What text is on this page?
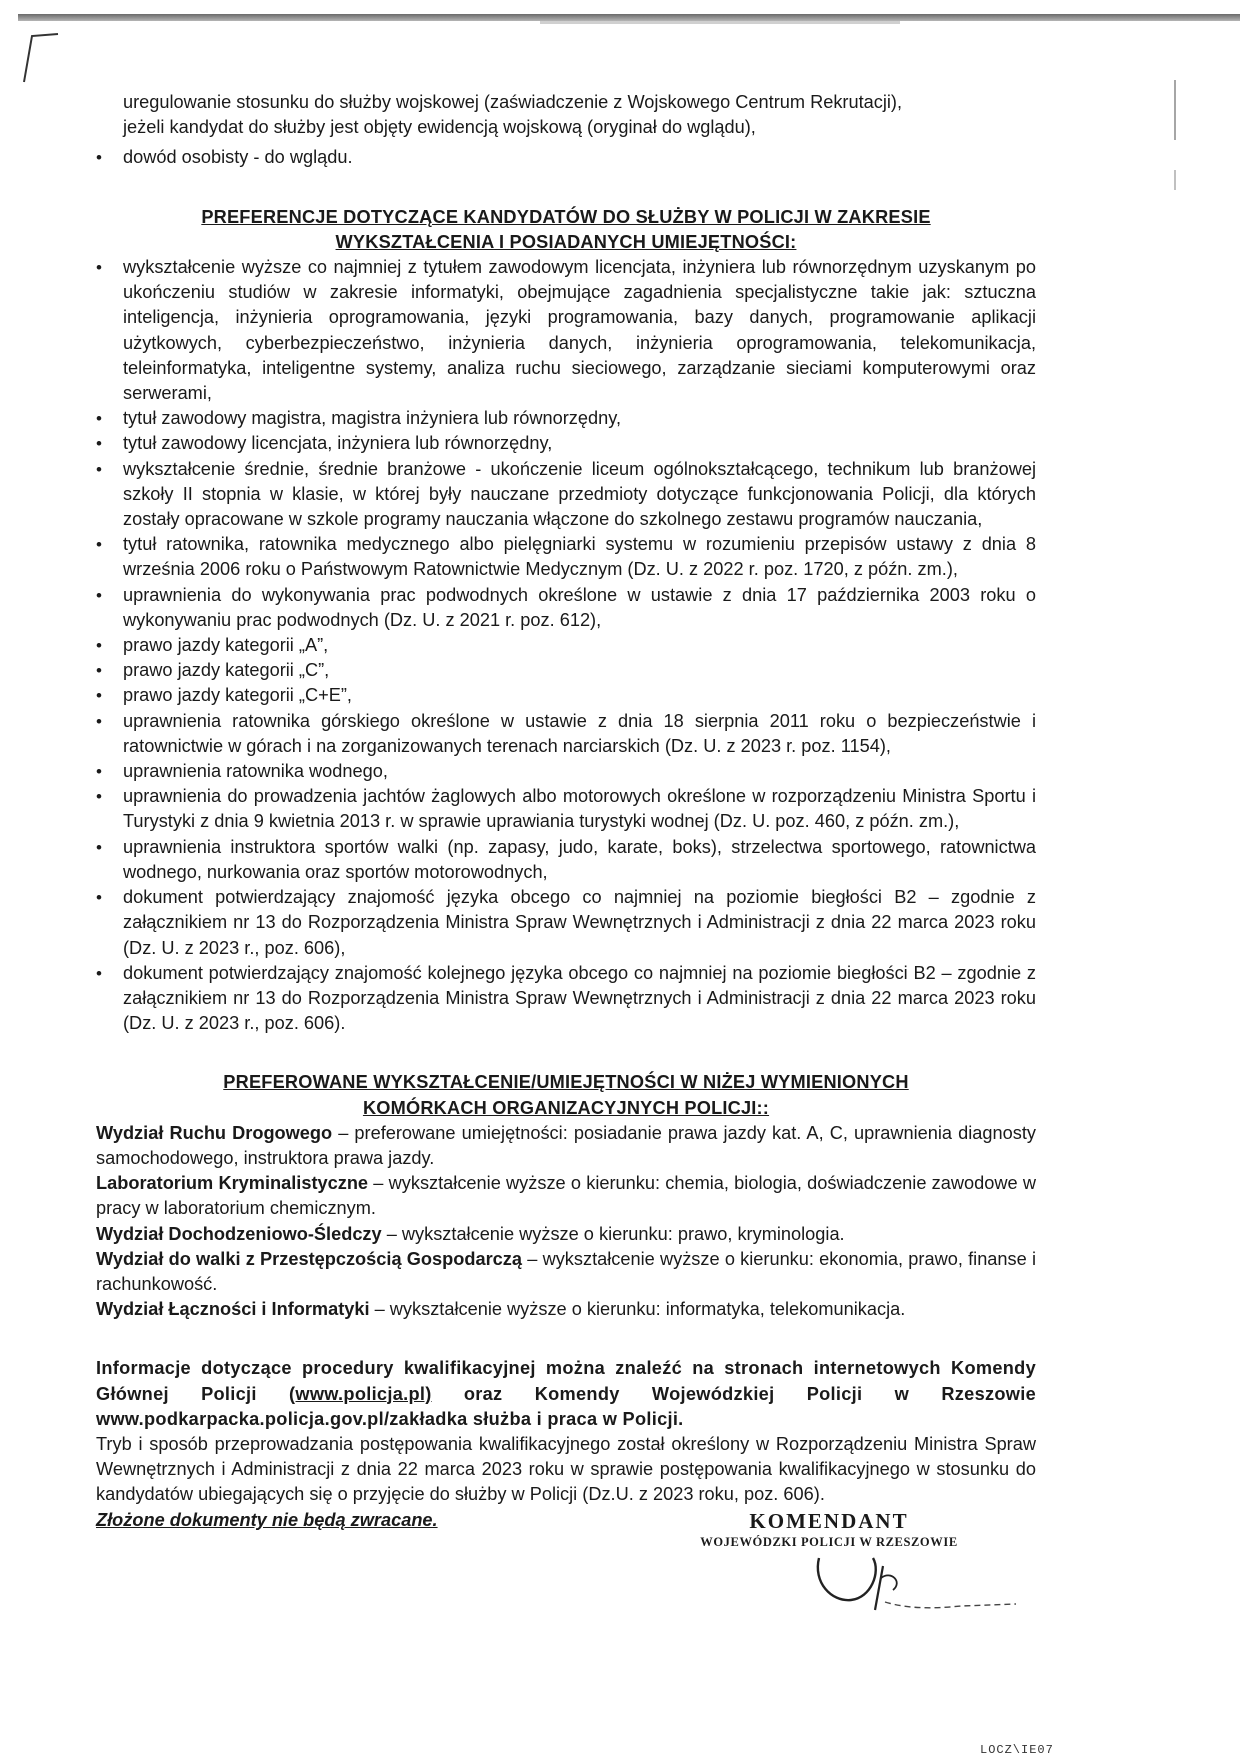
uregulowanie stosunku do służby wojskowej (zaświadczenie z Wojskowego Centrum Rekrutacji),

jeżeli kandydat do służby jest objęty ewidencją wojskową (oryginał do wglądu),

• dowód osobisty - do wglądu.

PREFERENCJE DOTYCZĄCE KANDYDATÓW DO SŁUŻBY W POLICJI W ZAKRESIE

WYKSZTAŁCENIA I POSIADANYCH UMIEJĘTNOŚCI:

• wykształcenie wyższe co najmniej z tytułem zawodowym licencjata, inżyniera lub równorzędnym uzyskanym po ukończeniu studiów w zakresie informatyki, obejmujące zagadnienia specjalistyczne takie jak: sztuczna inteligencja, inżynieria oprogramowania, języki programowania, bazy danych, programowanie aplikacji użytkowych, cyberbezpieczeństwo, inżynieria danych, inżynieria oprogramowania, telekomunikacja, teleinformatyka, inteligentne systemy, analiza ruchu sieciowego, zarządzanie sieciami komputerowymi oraz serwerami,
• tytuł zawodowy magistra, magistra inżyniera lub równorzędny,
• tytuł zawodowy licencjata, inżyniera lub równorzędny,
• wykształcenie średnie, średnie branżowe - ukończenie liceum ogólnokształcącego, technikum lub branżowej szkoły II stopnia w klasie, w której były nauczane przedmioty dotyczące funkcjonowania Policji, dla których zostały opracowane w szkole programy nauczania włączone do szkolnego zestawu programów nauczania,
• tytuł ratownika, ratownika medycznego albo pielęgniarki systemu w rozumieniu przepisów ustawy z dnia 8 września 2006 roku o Państwowym Ratownictwie Medycznym (Dz. U. z 2022 r. poz. 1720, z późn. zm.),
• uprawnienia do wykonywania prac podwodnych określone w ustawie z dnia 17 października 2003 roku o wykonywaniu prac podwodnych (Dz. U. z 2021 r. poz. 612),
• prawo jazdy kategorii „A”,
• prawo jazdy kategorii „C”,
• prawo jazdy kategorii „C+E”,
• uprawnienia ratownika górskiego określone w ustawie z dnia 18 sierpnia 2011 roku o bezpieczeństwie i ratownictwie w górach i na zorganizowanych terenach narciarskich (Dz. U. z 2023 r. poz. 1154),
• uprawnienia ratownika wodnego,
• uprawnienia do prowadzenia jachtów żaglowych albo motorowych określone w rozporządzeniu Ministra Sportu i Turystyki z dnia 9 kwietnia 2013 r. w sprawie uprawiania turystyki wodnej (Dz. U. poz. 460, z późn. zm.),
• uprawnienia instruktora sportów walki (np. zapasy, judo, karate, boks), strzelectwa sportowego, ratownictwa wodnego, nurkowania oraz sportów motorowodnych,
• dokument potwierdzający znajomość języka obcego co najmniej na poziomie biegłości B2 – zgodnie z załącznikiem nr 13 do Rozporządzenia Ministra Spraw Wewnętrznych i Administracji z dnia 22 marca 2023 roku (Dz. U. z 2023 r., poz. 606),
• dokument potwierdzający znajomość kolejnego języka obcego co najmniej na poziomie biegłości B2 – zgodnie z załącznikiem nr 13 do Rozporządzenia Ministra Spraw Wewnętrznych i Administracji z dnia 22 marca 2023 roku (Dz. U. z 2023 r., poz. 606).

PREFEROWANE WYKSZTAŁCENIE/UMIEJĘTNOŚCI W NIŻEJ WYMIENIONYCH

KOMÓRKACH ORGANIZACYJNYCH POLICJI::

Wydział Ruchu Drogowego – preferowane umiejętności: posiadanie prawa jazdy kat. A, C, uprawnienia diagnosty samochodowego, instruktora prawa jazdy.

Laboratorium Kryminalistyczne – wykształcenie wyższe o kierunku: chemia, biologia, doświadczenie zawodowe w pracy w laboratorium chemicznym.

Wydział Dochodzeniowo-Śledczy – wykształcenie wyższe o kierunku: prawo, kryminologia.

Wydział do walki z Przestępczością Gospodarczą – wykształcenie wyższe o kierunku: ekonomia, prawo, finanse i rachunkowość.

Wydział Łączności i Informatyki – wykształcenie wyższe o kierunku: informatyka, telekomunikacja.

Informacje dotyczące procedury kwalifikacyjnej można znaleźć na stronach internetowych Komendy Głównej Policji (www.policja.pl) oraz Komendy Wojewódzkiej Policji w Rzeszowie www.podkarpacka.policja.gov.pl/zakładka służba i praca w Policji.

Tryb i sposób przeprowadzania postępowania kwalifikacyjnego został określony w Rozporządzeniu Ministra Spraw Wewnętrznych i Administracji z dnia 22 marca 2023 roku w sprawie postępowania kwalifikacyjnego w stosunku do kandydatów ubiegających się o przyjęcie do służby w Policji (Dz.U. z 2023 roku, poz. 606).

Złożone dokumenty nie będą zwracane.	KOMENDANT
WOJEWÓDZKI POLICJI W RZESZOWIE
LOCZ\IE07
